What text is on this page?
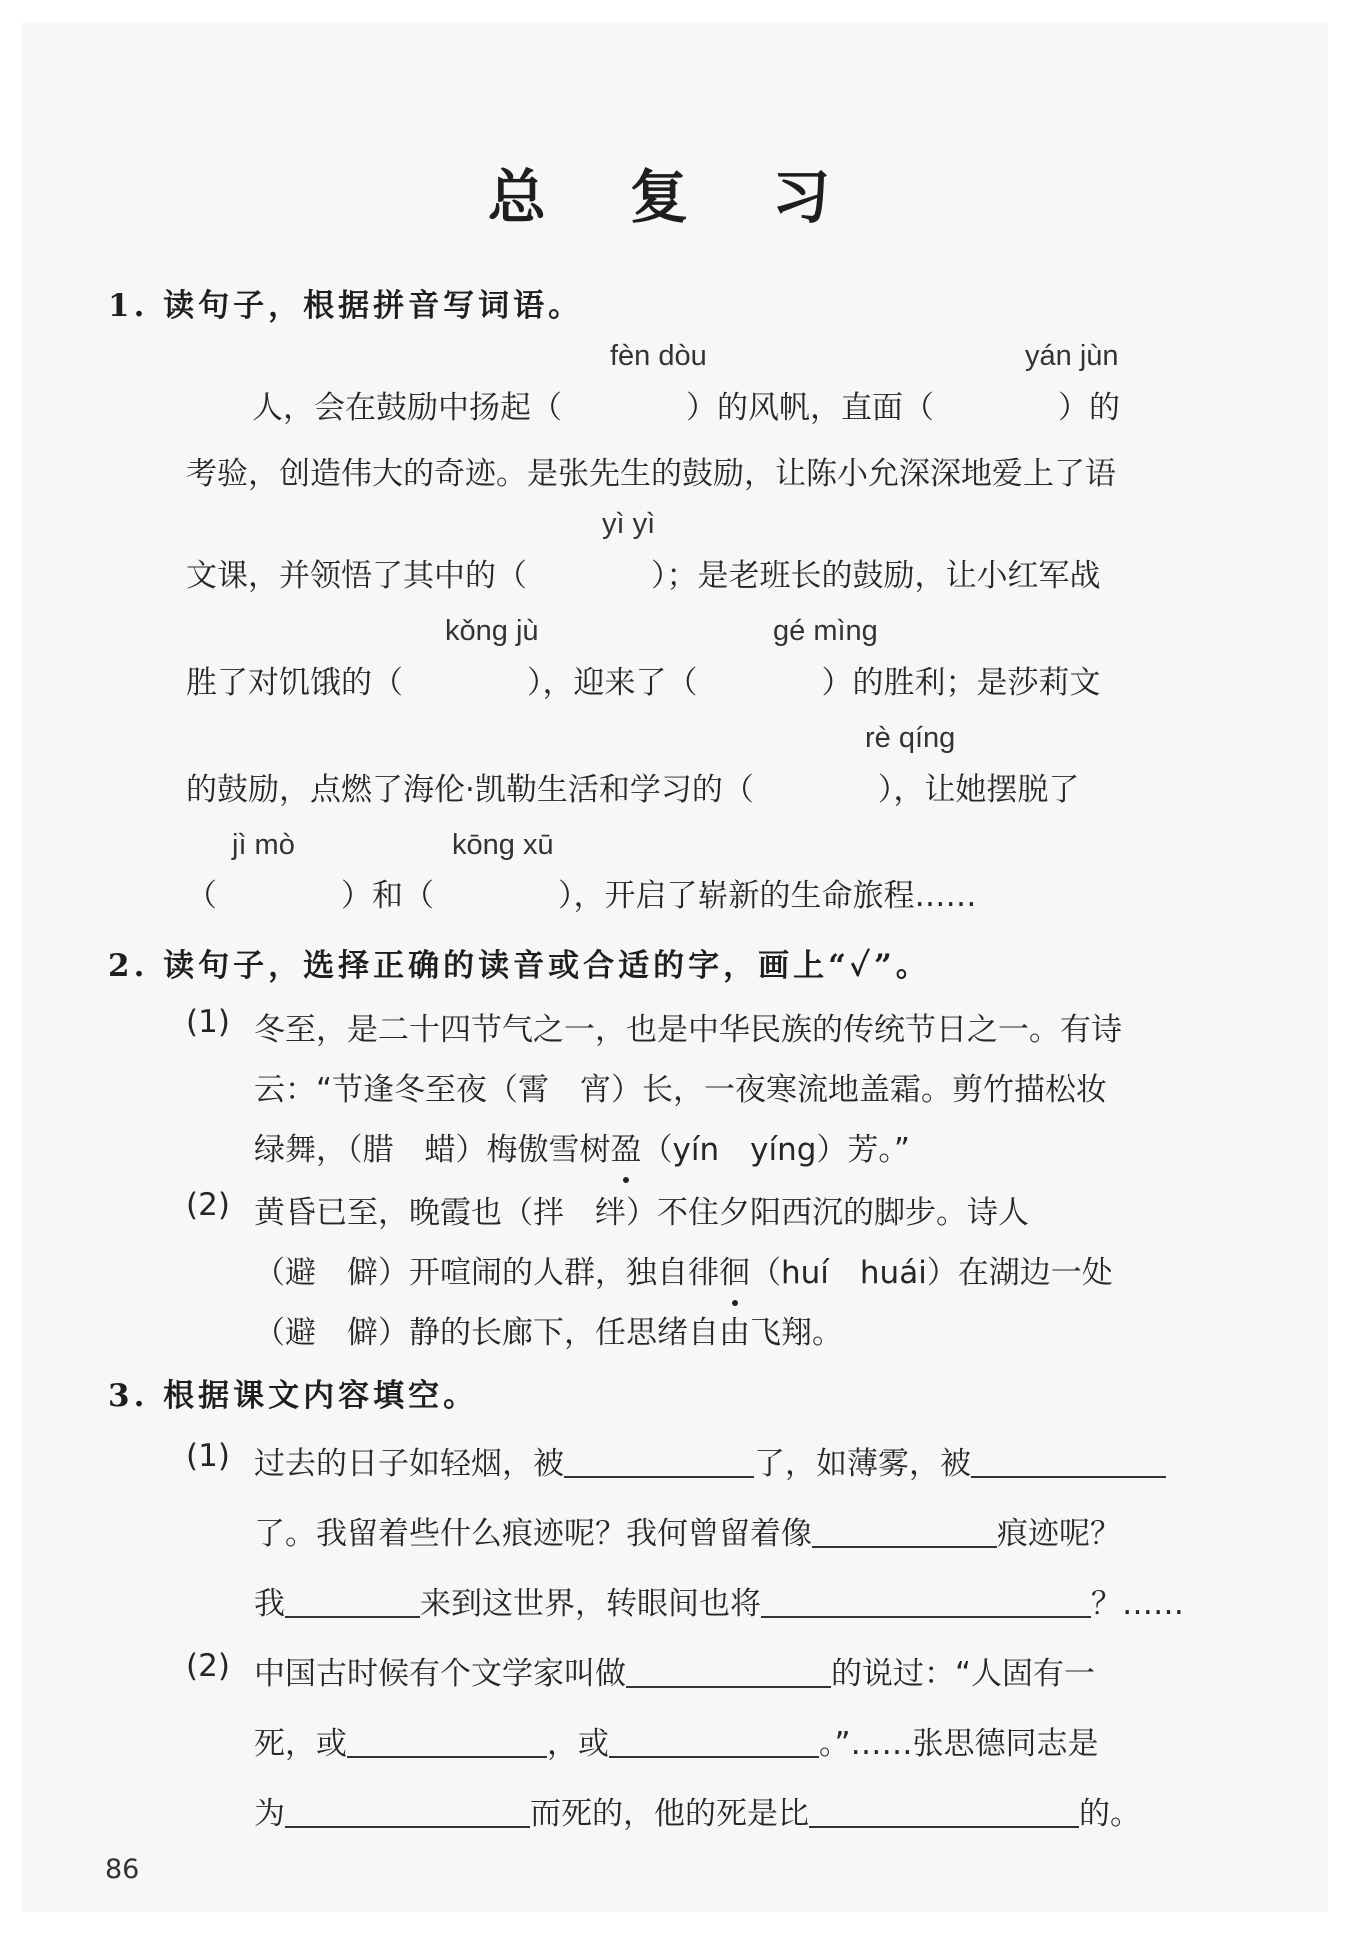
总 复 习
1. 读句子，根据拼音写词语。
fèn dòu	yán jùn
人，会在鼓励中扬起（　　　　）的风帆，直面（　　　　）的
考验，创造伟大的奇迹。是张先生的鼓励，让陈小允深深地爱上了语
yì yì
文课，并领悟了其中的（　　　　）；是老班长的鼓励，让小红军战
kǒng jù	gé mìng
胜了对饥饿的（　　　　），迎来了（　　　　）的胜利；是莎莉文
rè qíng
的鼓励，点燃了海伦·凯勒生活和学习的（　　　　），让她摆脱了
jì mò	kōng xū
（　　　　）和（　　　　），开启了崭新的生命旅程……
2. 读句子，选择正确的读音或合适的字，画上“✓”。
(1) 冬至，是二十四节气之一，也是中华民族的传统节日之一。有诗
云：“节逢冬至夜（霄　宵）长，一夜寒流地盖霜。剪竹描松妆
绿舞，（腊　蜡）梅傲雪树盈（yín　yíng）芳。”
(2) 黄昏已至，晚霞也（拌　绊）不住夕阳西沉的脚步。诗人
（避　僻）开喧闹的人群，独自徘徊（huí　huái）在湖边一处
（避　僻）静的长廊下，任思绪自由飞翔。
3. 根据课文内容填空。
(1) 过去的日子如轻烟，被	了，如薄雾，被
了。我留着些什么痕迹呢？我何曾留着像	痕迹呢？
我	来到这世界，转眼间也将	？……
(2) 中国古时候有个文学家叫做	的说过：“人固有一
死，或	，或	。”……张思德同志是
为	而死的，他的死是比	的。
86
